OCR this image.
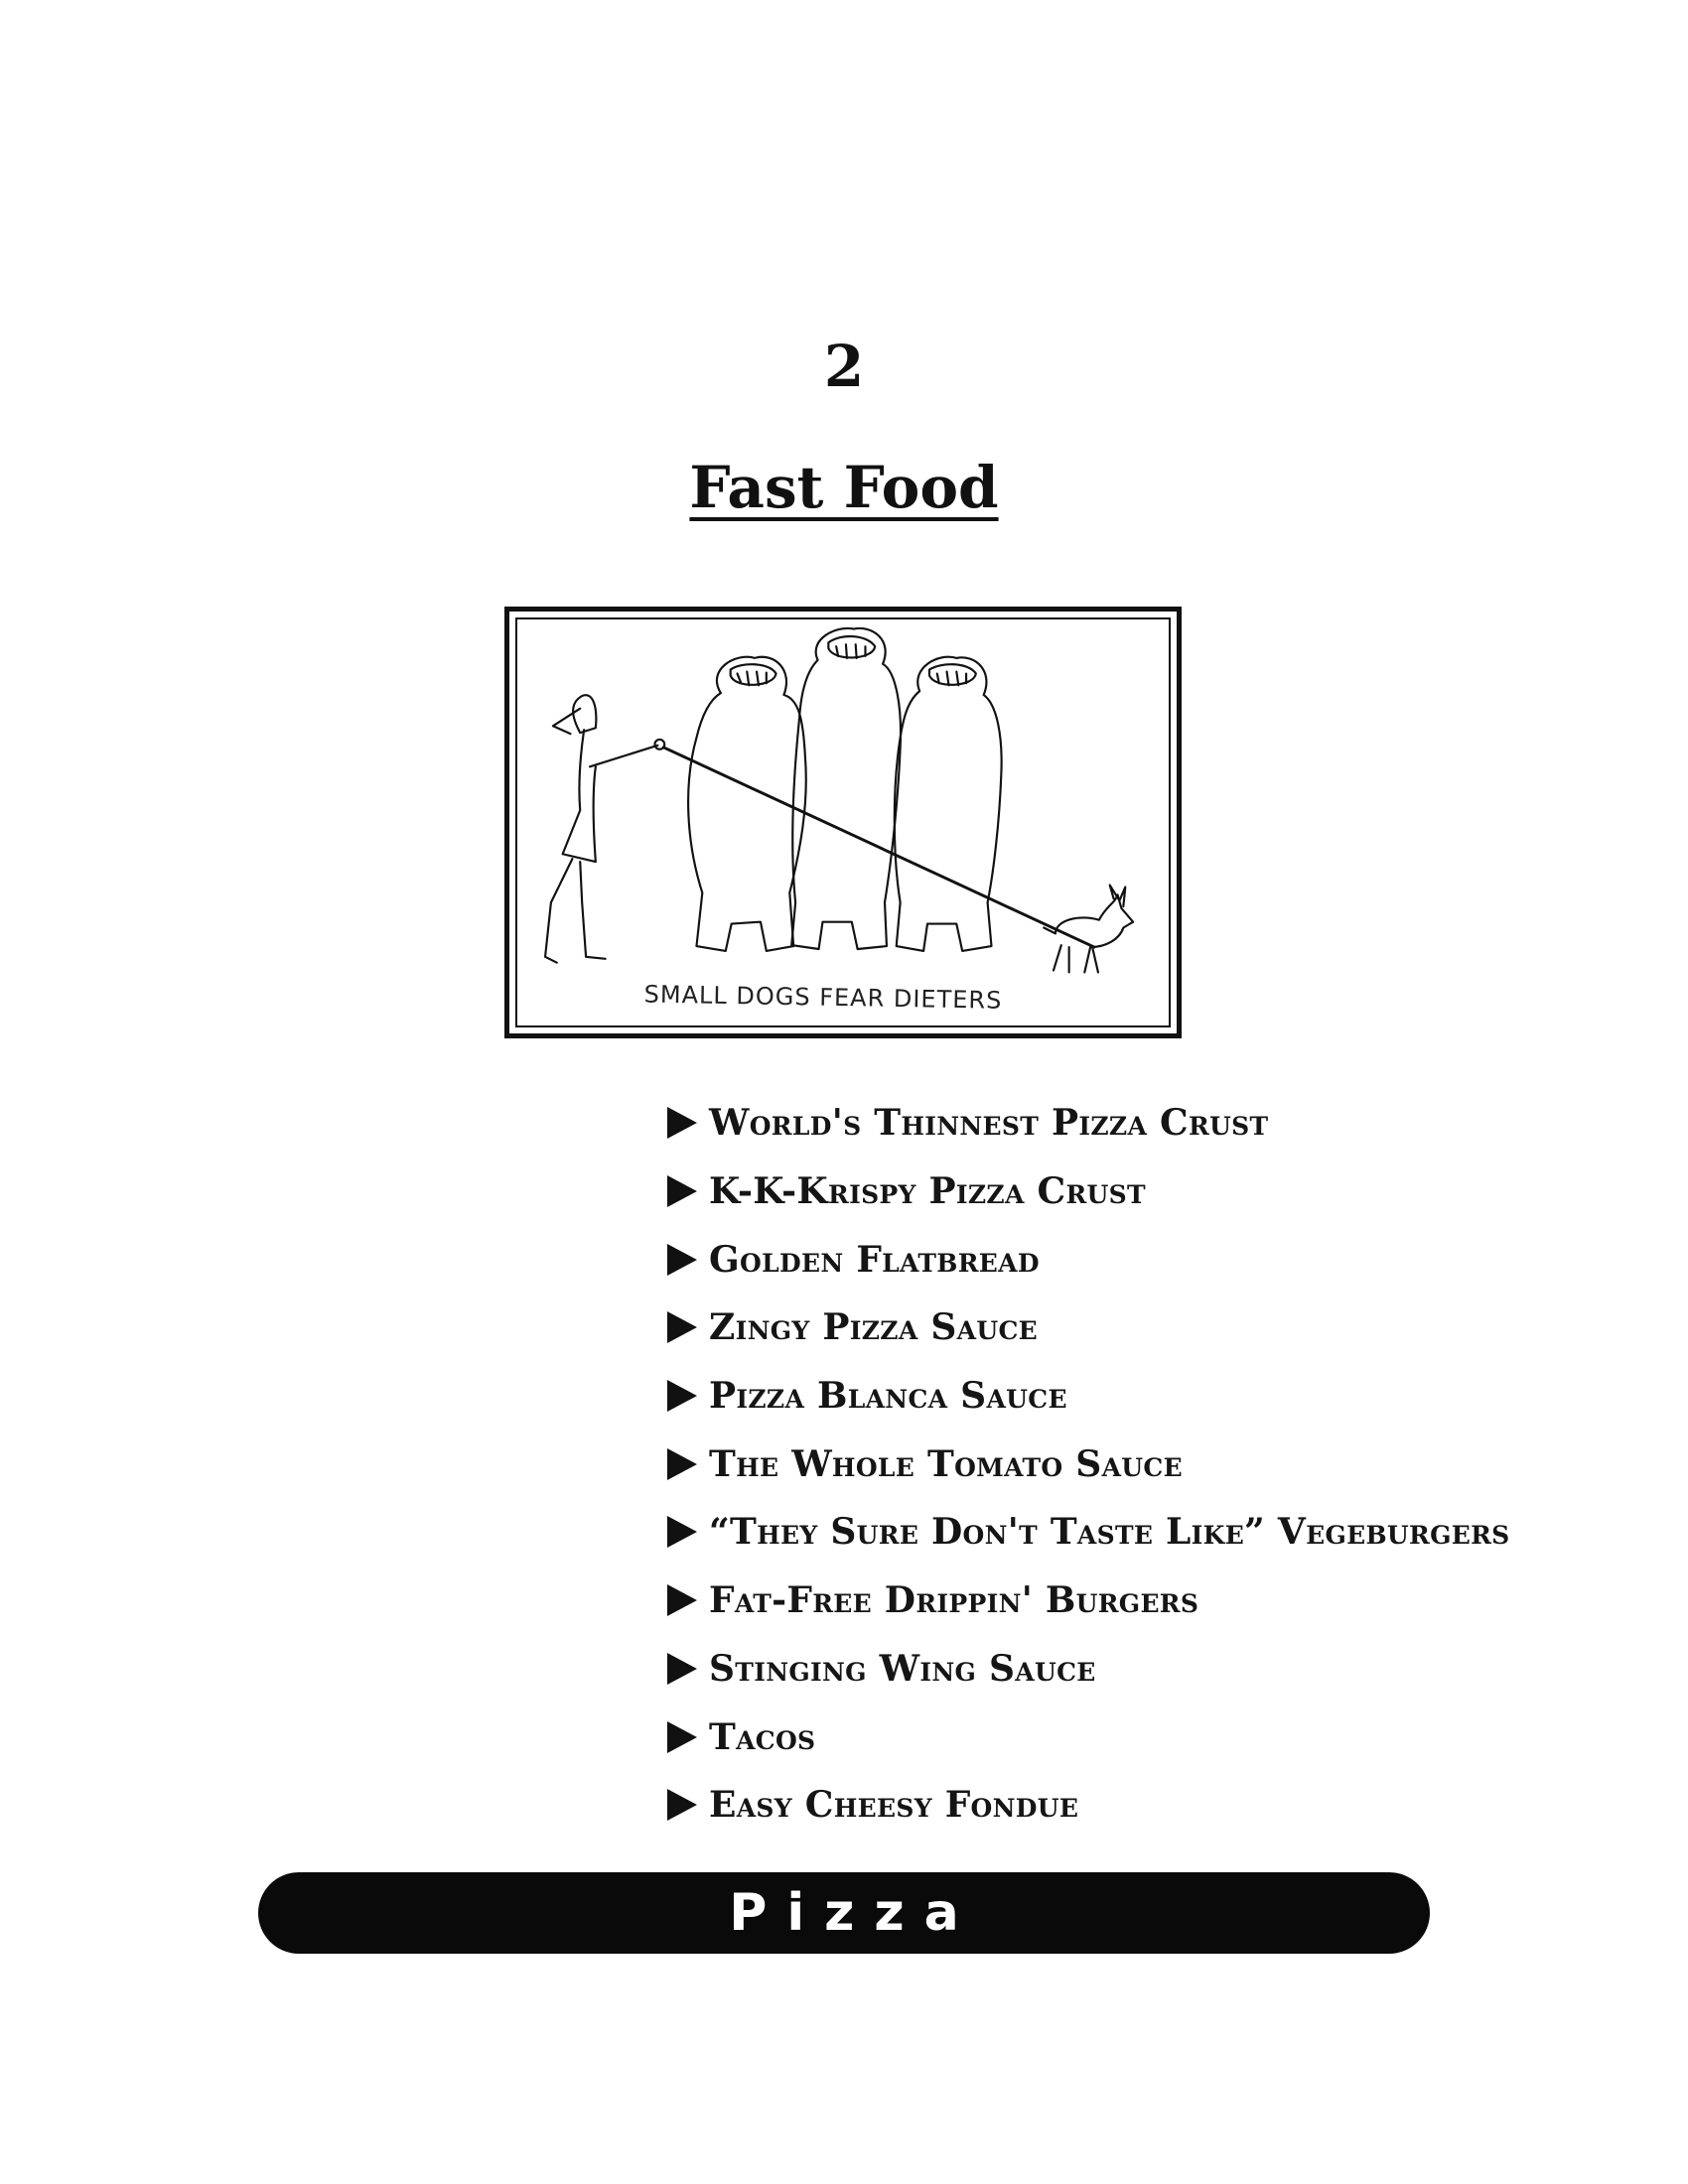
2
Fast Food
SMALL DOGS FEAR DIETERS
World's Thinnest Pizza Crust
K-K-Krispy Pizza Crust
Golden Flatbread
Zingy Pizza Sauce
Pizza Blanca Sauce
The Whole Tomato Sauce
“They Sure Don't Taste Like” Vegeburgers
Fat-Free Drippin' Burgers
Stinging Wing Sauce
Tacos
Easy Cheesy Fondue
Pizza
